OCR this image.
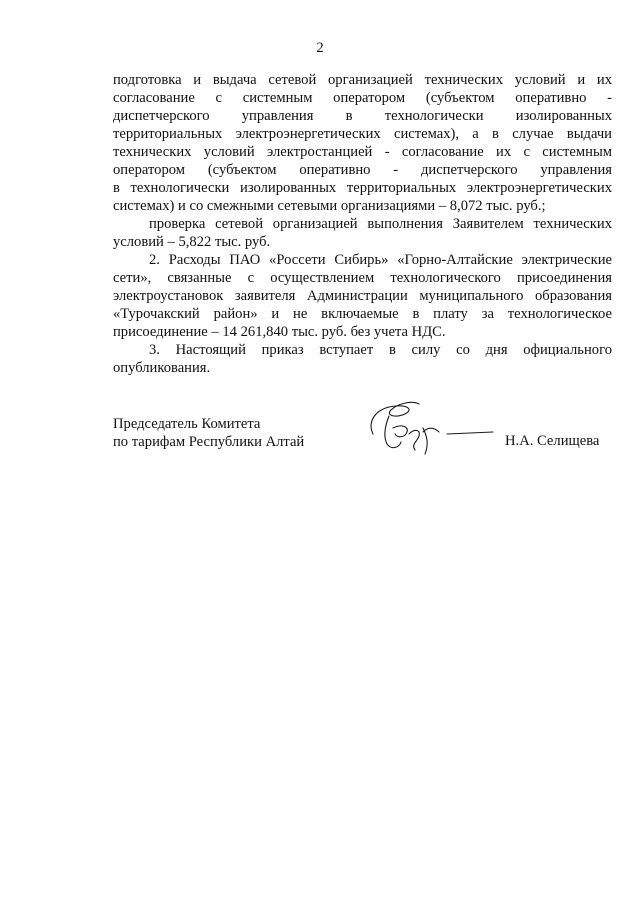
2
подготовка и выдача сетевой организацией технических условий и их
согласование с системным оператором (субъектом оперативно -
диспетчерского управления в технологически изолированных
территориальных электроэнергетических системах), а в случае выдачи
технических условий электростанцией - согласование их с системным
оператором (субъектом оперативно - диспетчерского управления
в технологически изолированных территориальных электроэнергетических
системах) и со смежными сетевыми организациями – 8,072 тыс. руб.;
проверка сетевой организацией выполнения Заявителем технических
условий – 5,822 тыс. руб.
2. Расходы ПАО «Россети Сибирь» «Горно-Алтайские электрические
сети», связанные с осуществлением технологического присоединения
электроустановок заявителя Администрации муниципального образования
«Турочакский район» и не включаемые в плату за технологическое
присоединение – 14 261,840 тыс. руб. без учета НДС.
3. Настоящий приказ вступает в силу со дня официального
опубликования.
Председатель Комитета
по тарифам Республики Алтай	Н.А. Селищева
